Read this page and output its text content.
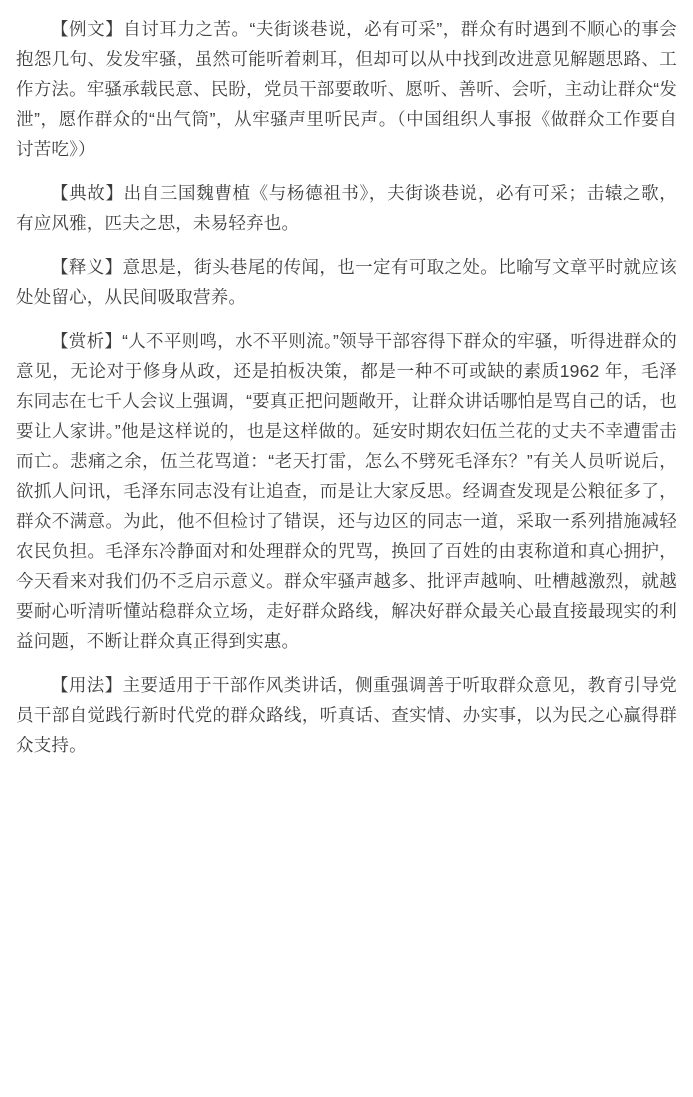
【例文】自讨耳力之苦。“夫街谈巷说，必有可采”，群众有时遇到不顺心的事会抱怨几句、发发牢骚，虽然可能听着刺耳，但却可以从中找到改进意见解题思路、工作方法。牢骚承载民意、民盼，党员干部要敢听、愿听、善听、会听，主动让群众“发泄”，愿作群众的“出气筒”，从牢骚声里听民声。（中国组织人事报《做群众工作要自讨苦吃》）

【典故】出自三国魏曹植《与杨德祖书》，夫街谈巷说，必有可采；击辕之歌，有应风雅，匹夫之思，未易轻弃也。

【释义】意思是，街头巷尾的传闻，也一定有可取之处。比喻写文章平时就应该处处留心，从民间吸取营养。

【赏析】“人不平则鸣，水不平则流。”领导干部容得下群众的牢骚，听得进群众的意见，无论对于修身从政，还是拍板决策，都是一种不可或缺的素质1962 年，毛泽东同志在七千人会议上强调，“要真正把问题敞开，让群众讲话哪怕是骂自己的话，也要让人家讲。”他是这样说的，也是这样做的。延安时期农妇伍兰花的丈夫不幸遭雷击而亡。悲痛之余，伍兰花骂道：“老天打雷，怎么不劈死毛泽东？”有关人员听说后，欲抓人问讯，毛泽东同志没有让追查，而是让大家反思。经调查发现是公粮征多了，群众不满意。为此，他不但检讨了错误，还与边区的同志一道，采取一系列措施减轻农民负担。毛泽东冷静面对和处理群众的咒骂，换回了百姓的由衷称道和真心拥护，今天看来对我们仍不乏启示意义。群众牢骚声越多、批评声越响、吐槽越激烈，就越要耐心听清听懂站稳群众立场，走好群众路线，解决好群众最关心最直接最现实的利益问题，不断让群众真正得到实惠。

【用法】主要适用于干部作风类讲话，侧重强调善于听取群众意见，教育引导党员干部自觉践行新时代党的群众路线，听真话、查实情、办实事，以为民之心赢得群众支持。
